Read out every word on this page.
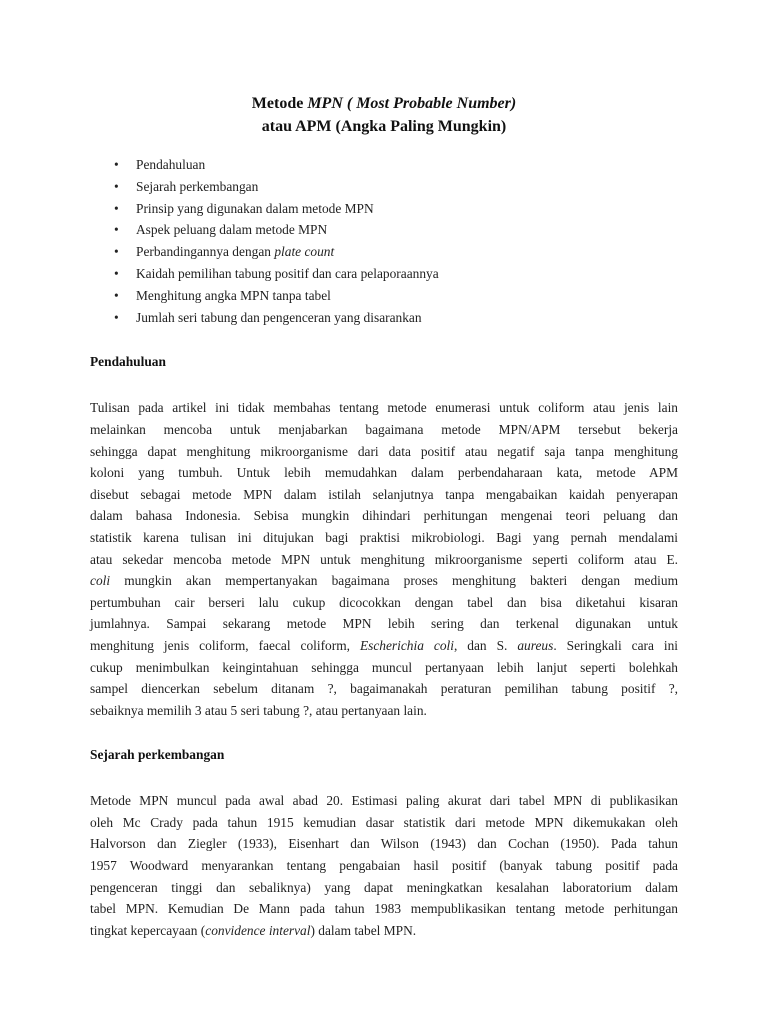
Metode MPN ( Most Probable Number)
atau APM (Angka Paling Mungkin)

• Pendahuluan
• Sejarah perkembangan
• Prinsip yang digunakan dalam metode MPN
• Aspek peluang dalam metode MPN
• Perbandingannya dengan plate count
• Kaidah pemilihan tabung positif dan cara pelaporaannya
• Menghitung angka MPN tanpa tabel
• Jumlah seri tabung dan pengenceran yang disarankan
Pendahuluan
Tulisan pada artikel ini tidak membahas tentang metode enumerasi untuk coliform atau jenis lain
melainkan mencoba untuk menjabarkan bagaimana metode MPN/APM tersebut bekerja
sehingga dapat menghitung mikroorganisme dari data positif atau negatif saja tanpa menghitung
koloni yang tumbuh. Untuk lebih memudahkan dalam perbendaharaan kata, metode APM
disebut sebagai metode MPN dalam istilah selanjutnya tanpa mengabaikan kaidah penyerapan
dalam bahasa Indonesia. Sebisa mungkin dihindari perhitungan mengenai teori peluang dan
statistik karena tulisan ini ditujukan bagi praktisi mikrobiologi. Bagi yang pernah mendalami
atau sekedar mencoba metode MPN untuk menghitung mikroorganisme seperti coliform atau E.
coli mungkin akan mempertanyakan bagaimana proses menghitung bakteri dengan medium
pertumbuhan cair berseri lalu cukup dicocokkan dengan tabel dan bisa diketahui kisaran
jumlahnya. Sampai sekarang metode MPN lebih sering dan terkenal digunakan untuk
menghitung jenis coliform, faecal coliform, Escherichia coli, dan S. aureus. Seringkali cara ini
cukup menimbulkan keingintahuan sehingga muncul pertanyaan lebih lanjut seperti bolehkah
sampel diencerkan sebelum ditanam ?, bagaimanakah peraturan pemilihan tabung positif ?,
sebaiknya memilih 3 atau 5 seri tabung ?, atau pertanyaan lain.
Sejarah perkembangan
Metode MPN muncul pada awal abad 20. Estimasi paling akurat dari tabel MPN di publikasikan
oleh Mc Crady pada tahun 1915 kemudian dasar statistik dari metode MPN dikemukakan oleh
Halvorson dan Ziegler (1933), Eisenhart dan Wilson (1943) dan Cochan (1950). Pada tahun
1957 Woodward menyarankan tentang pengabaian hasil positif (banyak tabung positif pada
pengenceran tinggi dan sebaliknya) yang dapat meningkatkan kesalahan laboratorium dalam
tabel MPN. Kemudian De Mann pada tahun 1983 mempublikasikan tentang metode perhitungan
tingkat kepercayaan (convidence interval) dalam tabel MPN.
